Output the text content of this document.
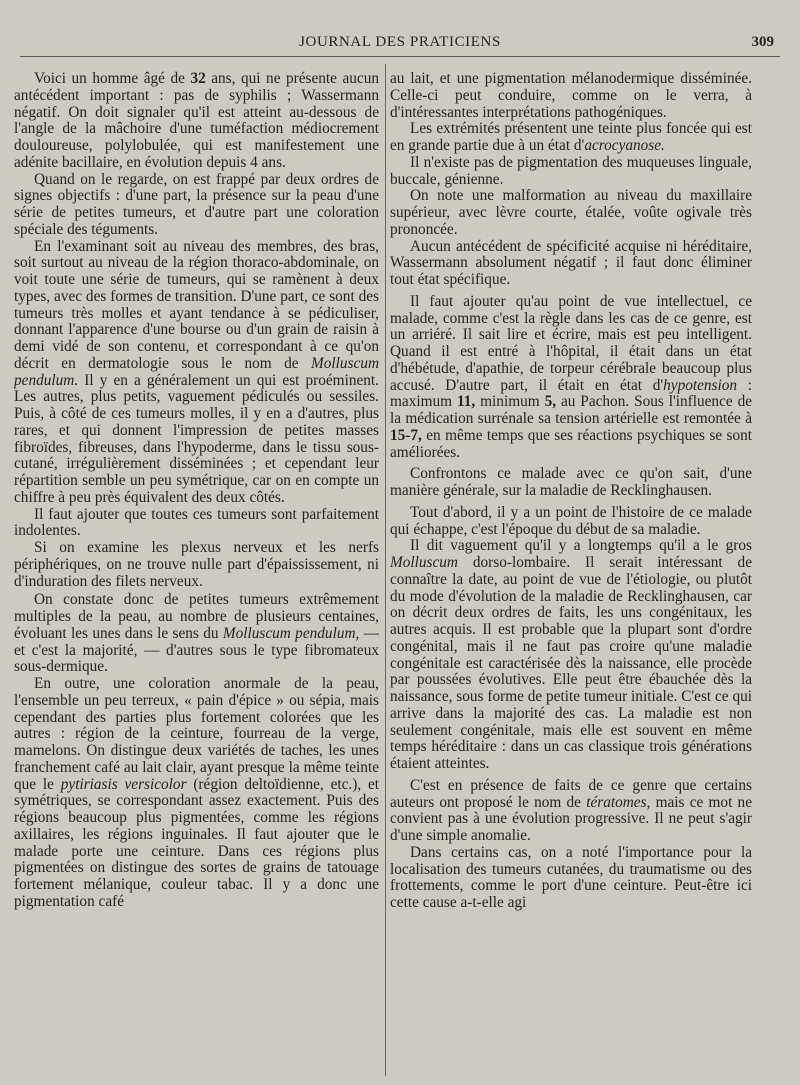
JOURNAL DES PRATICIENS	309

Voici un homme âgé de 32 ans, qui ne présente aucun antécédent important : pas de syphilis ; Wassermann négatif. On doit signaler qu'il est atteint au-dessous de l'angle de la mâchoire d'une tuméfaction médiocrement douloureuse, polylobulée, qui est manifestement une adénite bacillaire, en évolution depuis 4 ans.

Quand on le regarde, on est frappé par deux ordres de signes objectifs : d'une part, la présence sur la peau d'une série de petites tumeurs, et d'autre part une coloration spéciale des téguments.

En l'examinant soit au niveau des membres, des bras, soit surtout au niveau de la région thoraco-abdominale, on voit toute une série de tumeurs, qui se ramènent à deux types, avec des formes de transition. D'une part, ce sont des tumeurs très molles et ayant tendance à se pédiculiser, donnant l'apparence d'une bourse ou d'un grain de raisin à demi vidé de son contenu, et correspondant à ce qu'on décrit en dermatologie sous le nom de Molluscum pendulum. Il y en a généralement un qui est proéminent. Les autres, plus petits, vaguement pédiculés ou sessiles. Puis, à côté de ces tumeurs molles, il y en a d'autres, plus rares, et qui donnent l'impression de petites masses fibroïdes, fibreuses, dans l'hypoderme, dans le tissu sous-cutané, irrégulièrement disséminées ; et cependant leur répartition semble un peu symétrique, car on en compte un chiffre à peu près équivalent des deux côtés.

Il faut ajouter que toutes ces tumeurs sont parfaitement indolentes.

Si on examine les plexus nerveux et les nerfs périphériques, on ne trouve nulle part d'épaississement, ni d'induration des filets nerveux.

On constate donc de petites tumeurs extrêmement multiples de la peau, au nombre de plusieurs centaines, évoluant les unes dans le sens du Molluscum pendulum, — et c'est la majorité, — d'autres sous le type fibromateux sous-dermique.

En outre, une coloration anormale de la peau, l'ensemble un peu terreux, « pain d'épice » ou sépia, mais cependant des parties plus fortement colorées que les autres : région de la ceinture, fourreau de la verge, mamelons. On distingue deux variétés de taches, les unes franchement café au lait clair, ayant presque la même teinte que le pytiriasis versicolor (région deltoïdienne, etc.), et symétriques, se correspondant assez exactement. Puis des régions beaucoup plus pigmentées, comme les régions axillaires, les régions inguinales. Il faut ajouter que le malade porte une ceinture. Dans ces régions plus pigmentées on distingue des sortes de grains de tatouage fortement mélanique, couleur tabac. Il y a donc une pigmentation café

au lait, et une pigmentation mélanodermique disséminée. Celle-ci peut conduire, comme on le verra, à d'intéressantes interprétations pathogéniques.

Les extrémités présentent une teinte plus foncée qui est en grande partie due à un état d'acrocyanose.

Il n'existe pas de pigmentation des muqueuses linguale, buccale, génienne.

On note une malformation au niveau du maxillaire supérieur, avec lèvre courte, étalée, voûte ogivale très prononcée.

Aucun antécédent de spécificité acquise ni héréditaire, Wassermann absolument négatif ; il faut donc éliminer tout état spécifique.

Il faut ajouter qu'au point de vue intellectuel, ce malade, comme c'est la règle dans les cas de ce genre, est un arriéré. Il sait lire et écrire, mais est peu intelligent. Quand il est entré à l'hôpital, il était dans un état d'hébétude, d'apathie, de torpeur cérébrale beaucoup plus accusé. D'autre part, il était en état d'hypotension : maximum 11, minimum 5, au Pachon. Sous l'influence de la médication surrénale sa tension artérielle est remontée à 15-7, en même temps que ses réactions psychiques se sont améliorées.

Confrontons ce malade avec ce qu'on sait, d'une manière générale, sur la maladie de Recklinghausen.

Tout d'abord, il y a un point de l'histoire de ce malade qui échappe, c'est l'époque du début de sa maladie.

Il dit vaguement qu'il y a longtemps qu'il a le gros Molluscum dorso-lombaire. Il serait intéressant de connaître la date, au point de vue de l'étiologie, ou plutôt du mode d'évolution de la maladie de Recklinghausen, car on décrit deux ordres de faits, les uns congénitaux, les autres acquis. Il est probable que la plupart sont d'ordre congénital, mais il ne faut pas croire qu'une maladie congénitale est caractérisée dès la naissance, elle procède par poussées évolutives. Elle peut être ébauchée dès la naissance, sous forme de petite tumeur initiale. C'est ce qui arrive dans la majorité des cas. La maladie est non seulement congénitale, mais elle est souvent en même temps héréditaire : dans un cas classique trois générations étaient atteintes.

C'est en présence de faits de ce genre que certains auteurs ont proposé le nom de tératomes, mais ce mot ne convient pas à une évolution progressive. Il ne peut s'agir d'une simple anomalie.

Dans certains cas, on a noté l'importance pour la localisation des tumeurs cutanées, du traumatisme ou des frottements, comme le port d'une ceinture. Peut-être ici cette cause a-t-elle agi
